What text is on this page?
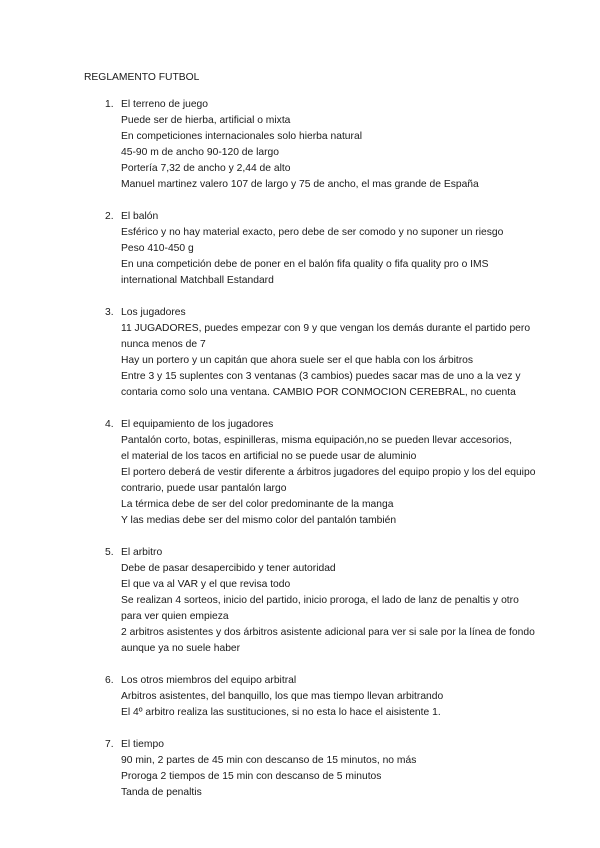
REGLAMENTO FUTBOL

1. El terreno de juego

Puede ser de hierba, artificial o mixta

En competiciones internacionales solo hierba natural

45-90 m de ancho 90-120 de largo

Portería 7,32 de ancho y 2,44 de alto

Manuel martinez valero 107 de largo y 75 de ancho, el mas grande de España

2. El balón

Esférico y no hay material exacto, pero debe de ser comodo y no suponer un riesgo

Peso 410-450 g

En una competición debe de poner en el balón fifa quality o fifa quality pro o IMS international Matchball Estandard

3. Los jugadores

11 JUGADORES, puedes empezar con 9 y que vengan los demás durante el partido pero nunca menos de 7

Hay un portero y un capitán que ahora suele ser el que habla con los árbitros

Entre 3 y 15 suplentes con 3 ventanas (3 cambios) puedes sacar mas de uno a la vez y contaria como solo una ventana. CAMBIO POR CONMOCION CEREBRAL, no cuenta

4. El equipamiento de los jugadores

Pantalón corto, botas, espinilleras, misma equipación,no se pueden llevar accesorios,

el material de los tacos en artificial no se puede usar de aluminio

El portero deberá de vestir diferente a árbitros jugadores del equipo propio y los del equipo contrario, puede usar pantalón largo

La térmica debe de ser del color predominante de la manga

Y las medias debe ser del mismo color del pantalón también

5. El arbitro

Debe de pasar desapercibido y tener autoridad

El que va al VAR y el que revisa todo

Se realizan 4 sorteos, inicio del partido, inicio proroga, el lado de lanz de penaltis y otro para ver quien empieza

2 arbitros asistentes y dos árbitros asistente adicional para ver si sale por la línea de fondo aunque ya no suele haber

6. Los otros miembros del equipo arbitral

Arbitros asistentes, del banquillo, los que mas tiempo llevan arbitrando

El 4º arbitro realiza las sustituciones, si no esta lo hace el aisistente 1.

7. El tiempo

90 min, 2 partes de 45 min con descanso de 15 minutos, no más

Proroga 2 tiempos de 15 min con descanso de 5 minutos

Tanda de penaltis
